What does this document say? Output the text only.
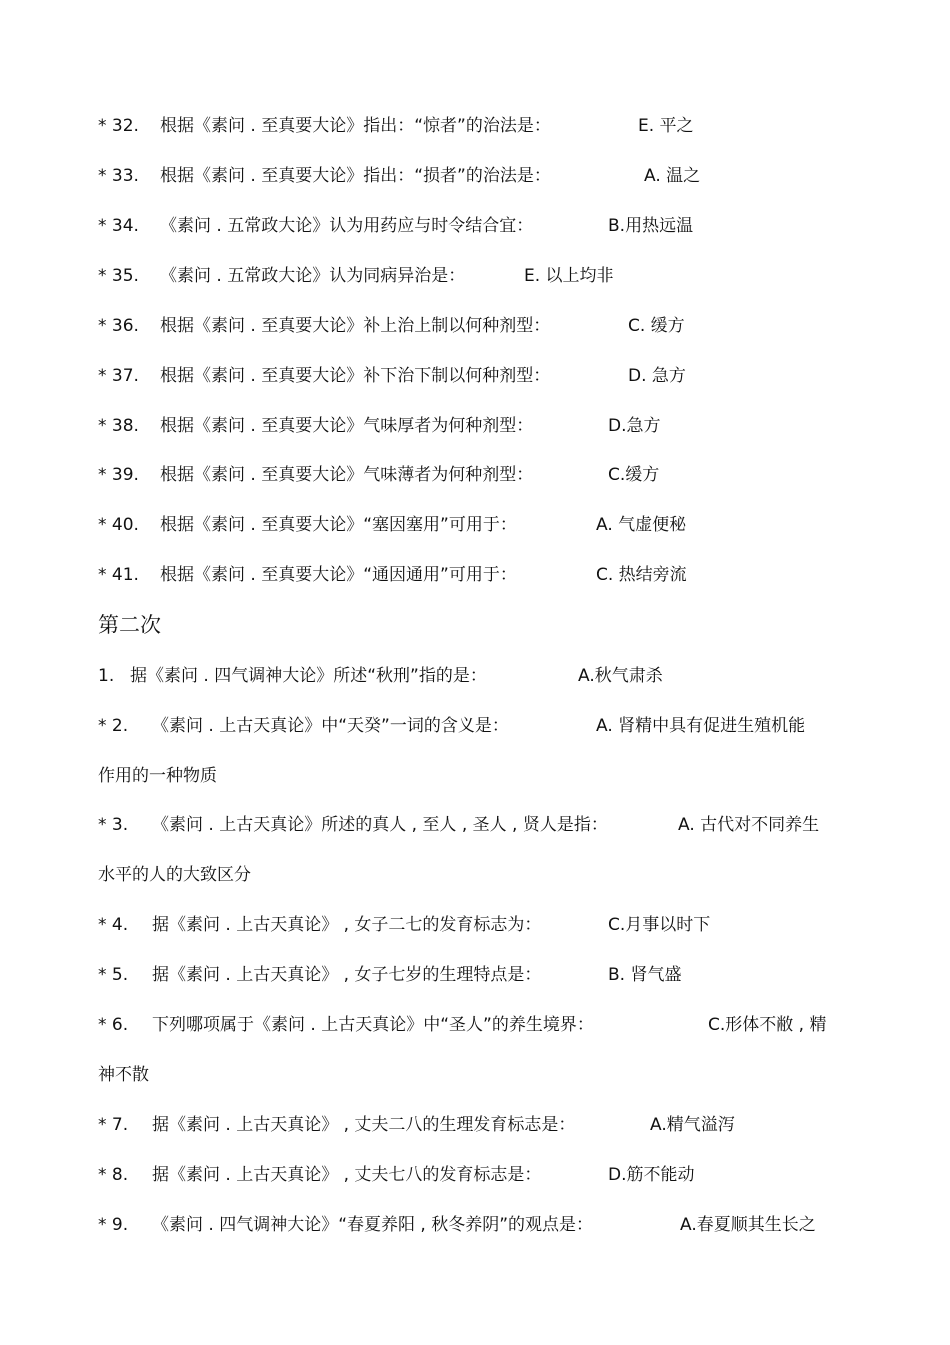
* 32. 根据《素问 . 至真要大论》指出：“惊者”的治法是：	E. 平之
* 33. 根据《素问 . 至真要大论》指出：“损者”的治法是：	A. 温之
* 34. 《素问 . 五常政大论》认为用药应与时令结合宜：	B.用热远温
* 35. 《素问 . 五常政大论》认为同病异治是：	E. 以上均非
* 36. 根据《素问 . 至真要大论》补上治上制以何种剂型：	C. 缓方
* 37. 根据《素问 . 至真要大论》补下治下制以何种剂型：	D. 急方
* 38. 根据《素问 . 至真要大论》气味厚者为何种剂型：	D.急方
* 39. 根据《素问 . 至真要大论》气味薄者为何种剂型：	C.缓方
* 40. 根据《素问 . 至真要大论》“塞因塞用”可用于：	A. 气虚便秘
* 41. 根据《素问 . 至真要大论》“通因通用”可用于：	C. 热结旁流
第二次
1. 据《素问 . 四气调神大论》所述“秋刑”指的是：	A.秋气肃杀
* 2. 《素问 . 上古天真论》中“天癸”一词的含义是：	A. 肾精中具有促进生殖机能
作用的一种物质
* 3. 《素问 . 上古天真论》所述的真人 , 至人 , 圣人 , 贤人是指：	A. 古代对不同养生
水平的人的大致区分
* 4. 据《素问 . 上古天真论》 , 女子二七的发育标志为：	C.月事以时下
* 5. 据《素问 . 上古天真论》 , 女子七岁的生理特点是：	B. 肾气盛
* 6. 下列哪项属于《素问 . 上古天真论》中“圣人”的养生境界：	C.形体不敝 , 精
神不散
* 7. 据《素问 . 上古天真论》 , 丈夫二八的生理发育标志是：	A.精气溢泻
* 8. 据《素问 . 上古天真论》 , 丈夫七八的发育标志是：	D.筋不能动
* 9. 《素问 . 四气调神大论》“春夏养阳 , 秋冬养阴”的观点是：	A.春夏顺其生长之
